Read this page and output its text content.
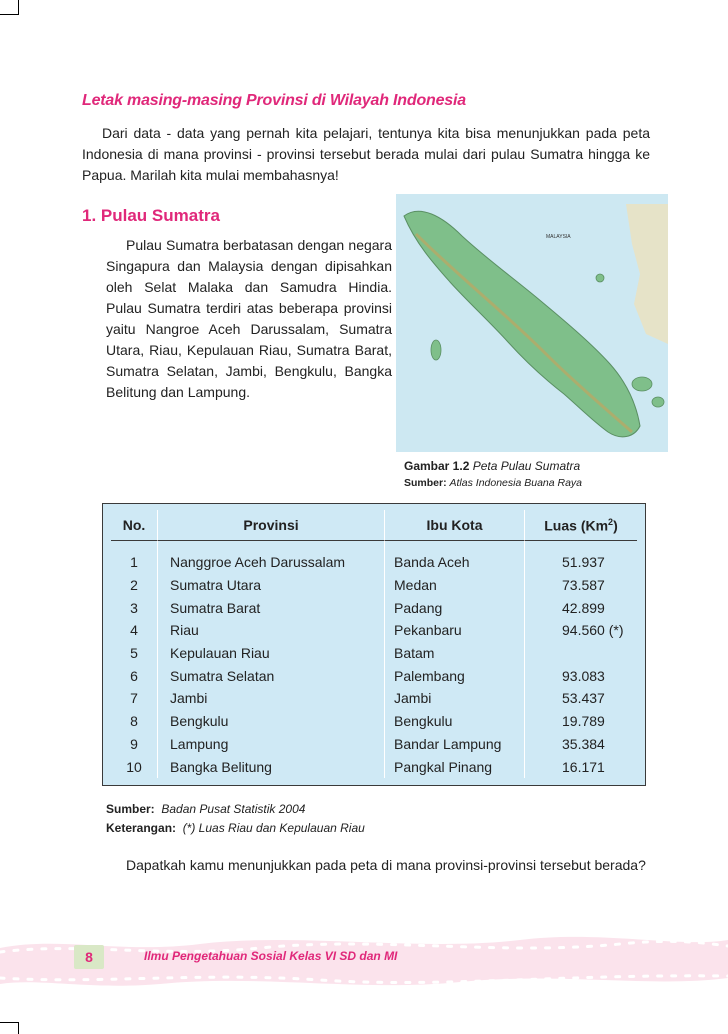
Letak masing-masing Provinsi di Wilayah Indonesia

Dari data - data yang pernah kita pelajari, tentunya kita bisa menunjukkan pada peta Indonesia di mana provinsi - provinsi tersebut berada mulai dari pulau Sumatra hingga ke Papua. Marilah kita mulai membahasnya!

1. Pulau Sumatra

Pulau Sumatra berbatasan dengan negara Singapura dan Malaysia dengan dipisahkan oleh Selat Malaka dan Samudra Hindia. Pulau Sumatra terdiri atas beberapa provinsi yaitu Nangroe Aceh Darussalam, Sumatra Utara, Riau, Kepulauan Riau, Sumatra Barat, Sumatra Selatan, Jambi, Bengkulu, Bangka Belitung dan Lampung.

MALAYSIA
Gambar 1.2 Peta Pulau Sumatra
Sumber: Atlas Indonesia Buana Raya
No.	Provinsi	Ibu Kota	Luas (Km$^2$)
1	Nanggroe Aceh Darussalam	Banda Aceh	51.937
2	Sumatra Utara	Medan	73.587
3	Sumatra Barat	Padang	42.899
4	Riau	Pekanbaru	94.560 (*)
5	Kepulauan Riau	Batam	
6	Sumatra Selatan	Palembang	93.083
7	Jambi	Jambi	53.437
8	Bengkulu	Bengkulu	19.789
9	Lampung	Bandar Lampung	35.384
10	Bangka Belitung	Pangkal Pinang	16.171
Sumber: Badan Pusat Statistik 2004
Keterangan: (*) Luas Riau dan Kepulauan Riau

Dapatkah kamu menunjukkan pada peta di mana provinsi-provinsi tersebut berada?

8	Ilmu Pengetahuan Sosial Kelas VI SD dan MI
